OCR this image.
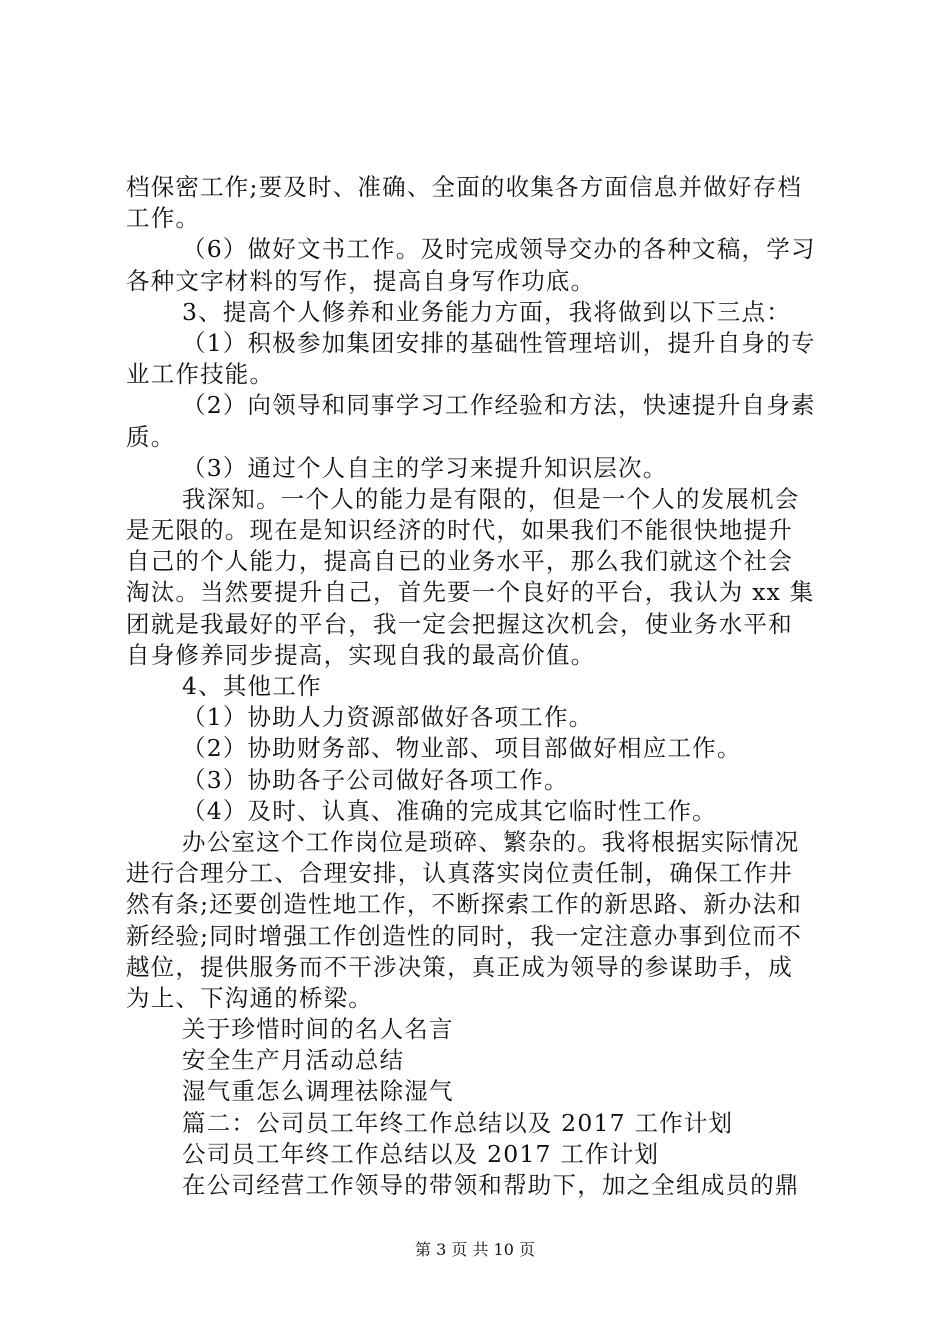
档保密工作;要及时、准确、全面的收集各方面信息并做好存档
工作。
（6）做好文书工作。及时完成领导交办的各种文稿，学习
各种文字材料的写作，提高自身写作功底。
3、提高个人修养和业务能力方面，我将做到以下三点：
（1）积极参加集团安排的基础性管理培训，提升自身的专
业工作技能。
（2）向领导和同事学习工作经验和方法，快速提升自身素
质。
（3）通过个人自主的学习来提升知识层次。
我深知。一个人的能力是有限的，但是一个人的发展机会
是无限的。现在是知识经济的时代，如果我们不能很快地提升
自己的个人能力，提高自已的业务水平，那么我们就这个社会
淘汰。当然要提升自己，首先要一个良好的平台，我认为 xx 集
团就是我最好的平台，我一定会把握这次机会，使业务水平和
自身修养同步提高，实现自我的最高价值。
4、其他工作
（1）协助人力资源部做好各项工作。
（2）协助财务部、物业部、项目部做好相应工作。
（3）协助各子公司做好各项工作。
（4）及时、认真、准确的完成其它临时性工作。
办公室这个工作岗位是琐碎、繁杂的。我将根据实际情况
进行合理分工、合理安排，认真落实岗位责任制，确保工作井
然有条;还要创造性地工作，不断探索工作的新思路、新办法和
新经验;同时增强工作创造性的同时，我一定注意办事到位而不
越位，提供服务而不干涉决策，真正成为领导的参谋助手，成
为上、下沟通的桥梁。
关于珍惜时间的名人名言
安全生产月活动总结
湿气重怎么调理祛除湿气
篇二：公司员工年终工作总结以及 2017 工作计划
公司员工年终工作总结以及 2017 工作计划
在公司经营工作领导的带领和帮助下，加之全组成员的鼎
第 3 页 共 10 页
